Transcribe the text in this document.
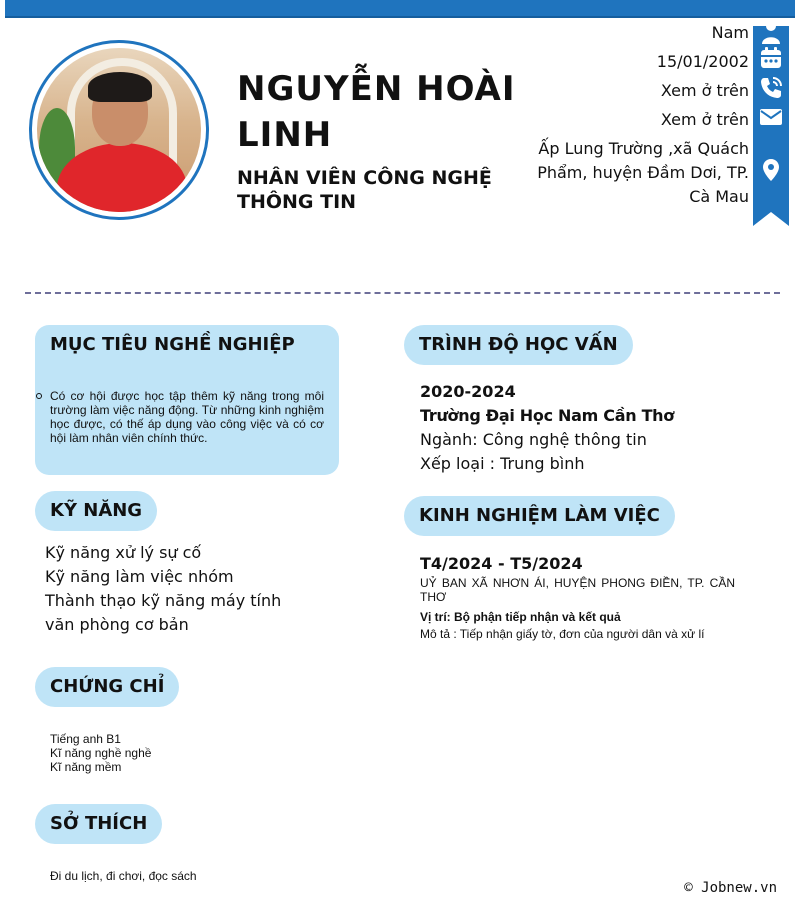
NGUYỄN HOÀI LINH
NHÂN VIÊN CÔNG NGHỆ THÔNG TIN
Nam
15/01/2002
Xem ở trên
Xem ở trên
Ấp Lung Trường ,xã Quách Phẩm, huyện Đầm Dơi, TP. Cà Mau
MỤC TIÊU NGHỀ NGHIỆP
Có cơ hội được học tập thêm kỹ năng trong môi trường làm việc năng động. Từ những kinh nghiệm học được, có thế áp dụng vào công việc và có cơ hội làm nhân viên chính thức.
KỸ NĂNG
Kỹ năng xử lý sự cố
Kỹ năng làm việc nhóm
Thành thạo kỹ năng máy tính văn phòng cơ bản
CHỨNG CHỈ
Tiếng anh B1
Kĩ năng nghề nghề
Kĩ năng mềm
SỞ THÍCH
Đi du lịch, đi chơi, đọc sách
TRÌNH ĐỘ HỌC VẤN
2020-2024
Trường Đại Học Nam Cần Thơ
Ngành: Công nghệ thông tin
Xếp loại : Trung bình
KINH NGHIỆM LÀM VIỆC
T4/2024 - T5/2024
UỶ BAN XÃ NHƠN ÁI, HUYỆN PHONG ĐIỀN, TP. CẦN THƠ
Vị trí: Bộ phận tiếp nhận và kết quả
Mô tả : Tiếp nhận giấy tờ, đơn của người dân và xử lí
© Jobnew.vn
